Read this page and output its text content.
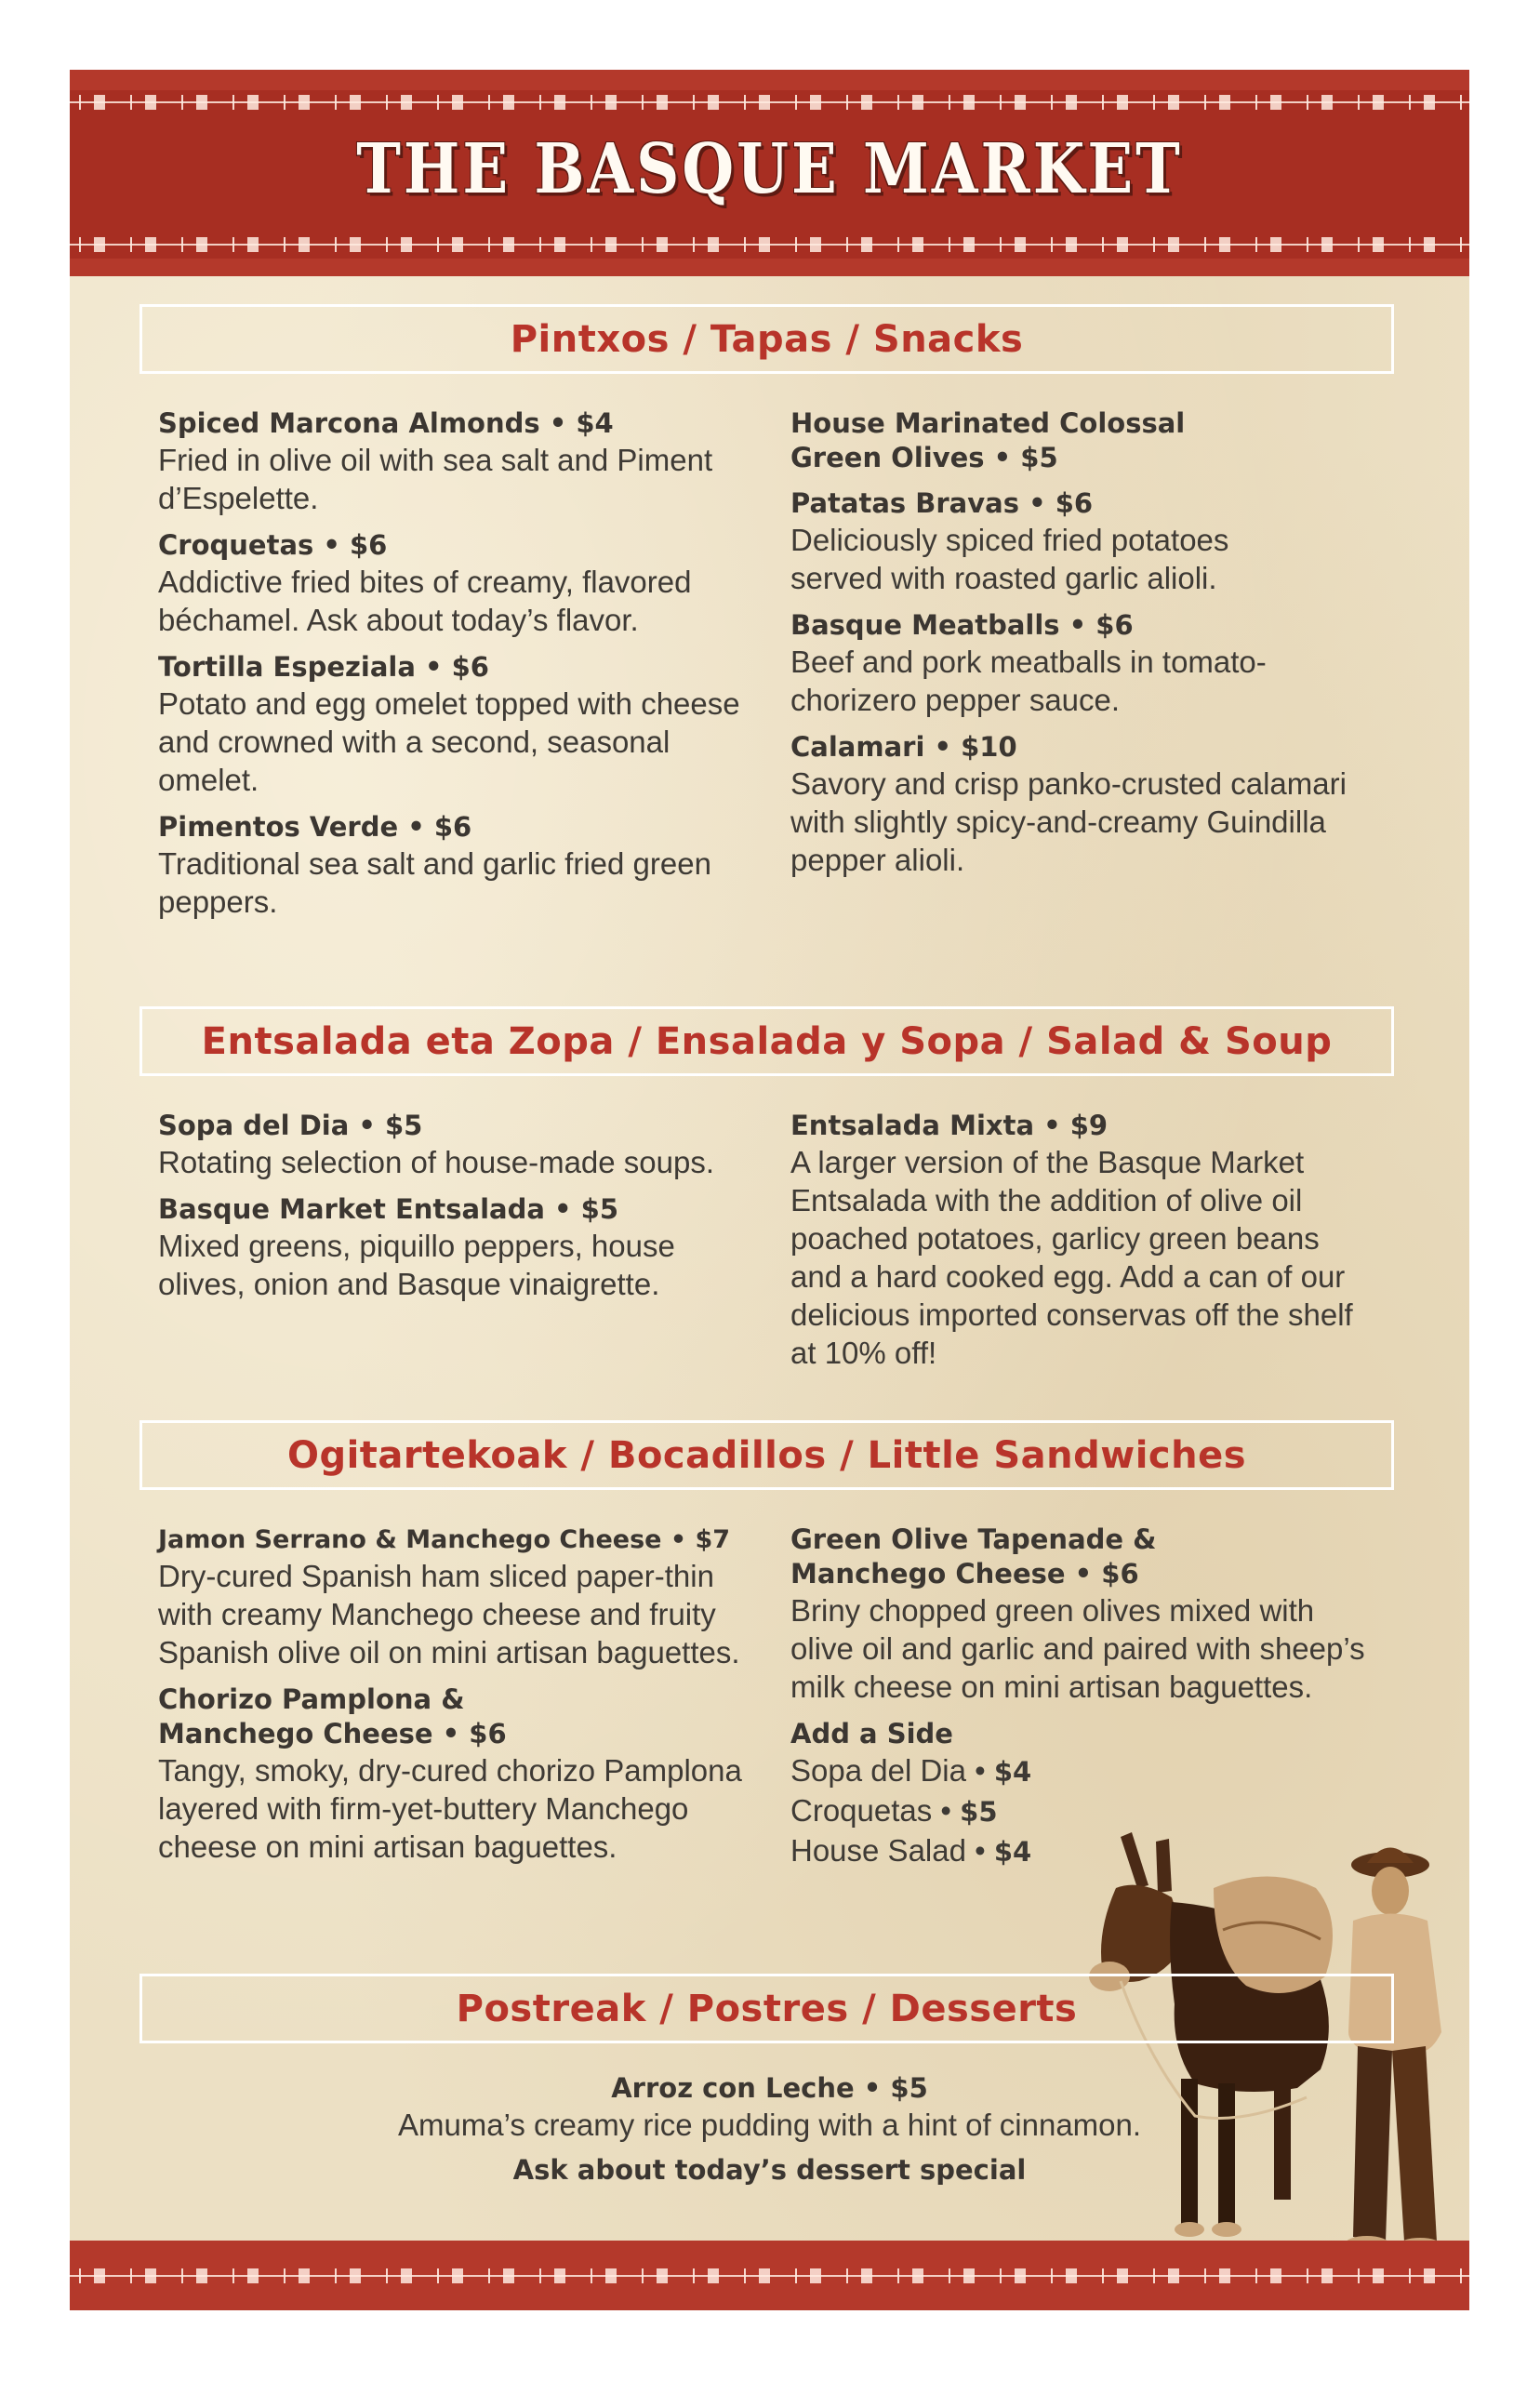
THE BASQUE MARKET
Pintxos / Tapas / Snacks
Spiced Marcona Almonds • $4
Fried in olive oil with sea salt and Piment d’Espelette.
Croquetas • $6
Addictive fried bites of creamy, flavored béchamel. Ask about today’s flavor.
Tortilla Espeziala • $6
Potato and egg omelet topped with cheese and crowned with a second, seasonal omelet.
Pimentos Verde • $6
Traditional sea salt and garlic fried green peppers.
House Marinated Colossal Green Olives • $5
Patatas Bravas • $6
Deliciously spiced fried potatoes served with roasted garlic alioli.
Basque Meatballs • $6
Beef and pork meatballs in tomato-chorizero pepper sauce.
Calamari • $10
Savory and crisp panko-crusted calamari with slightly spicy-and-creamy Guindilla pepper alioli.
Entsalada eta Zopa / Ensalada y Sopa / Salad & Soup
Sopa del Dia • $5
Rotating selection of house-made soups.
Basque Market Entsalada • $5
Mixed greens, piquillo peppers, house olives, onion and Basque vinaigrette.
Entsalada Mixta • $9
A larger version of the Basque Market Entsalada with the addition of olive oil poached potatoes, garlicy green beans and a hard cooked egg. Add a can of our delicious imported conservas off the shelf at 10% off!
Ogitartekoak / Bocadillos / Little Sandwiches
Jamon Serrano & Manchego Cheese • $7
Dry-cured Spanish ham sliced paper-thin with creamy Manchego cheese and fruity Spanish olive oil on mini artisan baguettes.
Chorizo Pamplona & Manchego Cheese • $6
Tangy, smoky, dry-cured chorizo Pamplona layered with firm-yet-buttery Manchego cheese on mini artisan baguettes.
Green Olive Tapenade & Manchego Cheese • $6
Briny chopped green olives mixed with olive oil and garlic and paired with sheep’s milk cheese on mini artisan baguettes.
Add a Side
Sopa del Dia • $4
Croquetas • $5
House Salad • $4
Postreak / Postres / Desserts
Arroz con Leche • $5
Amuma’s creamy rice pudding with a hint of cinnamon.
Ask about today’s dessert special
